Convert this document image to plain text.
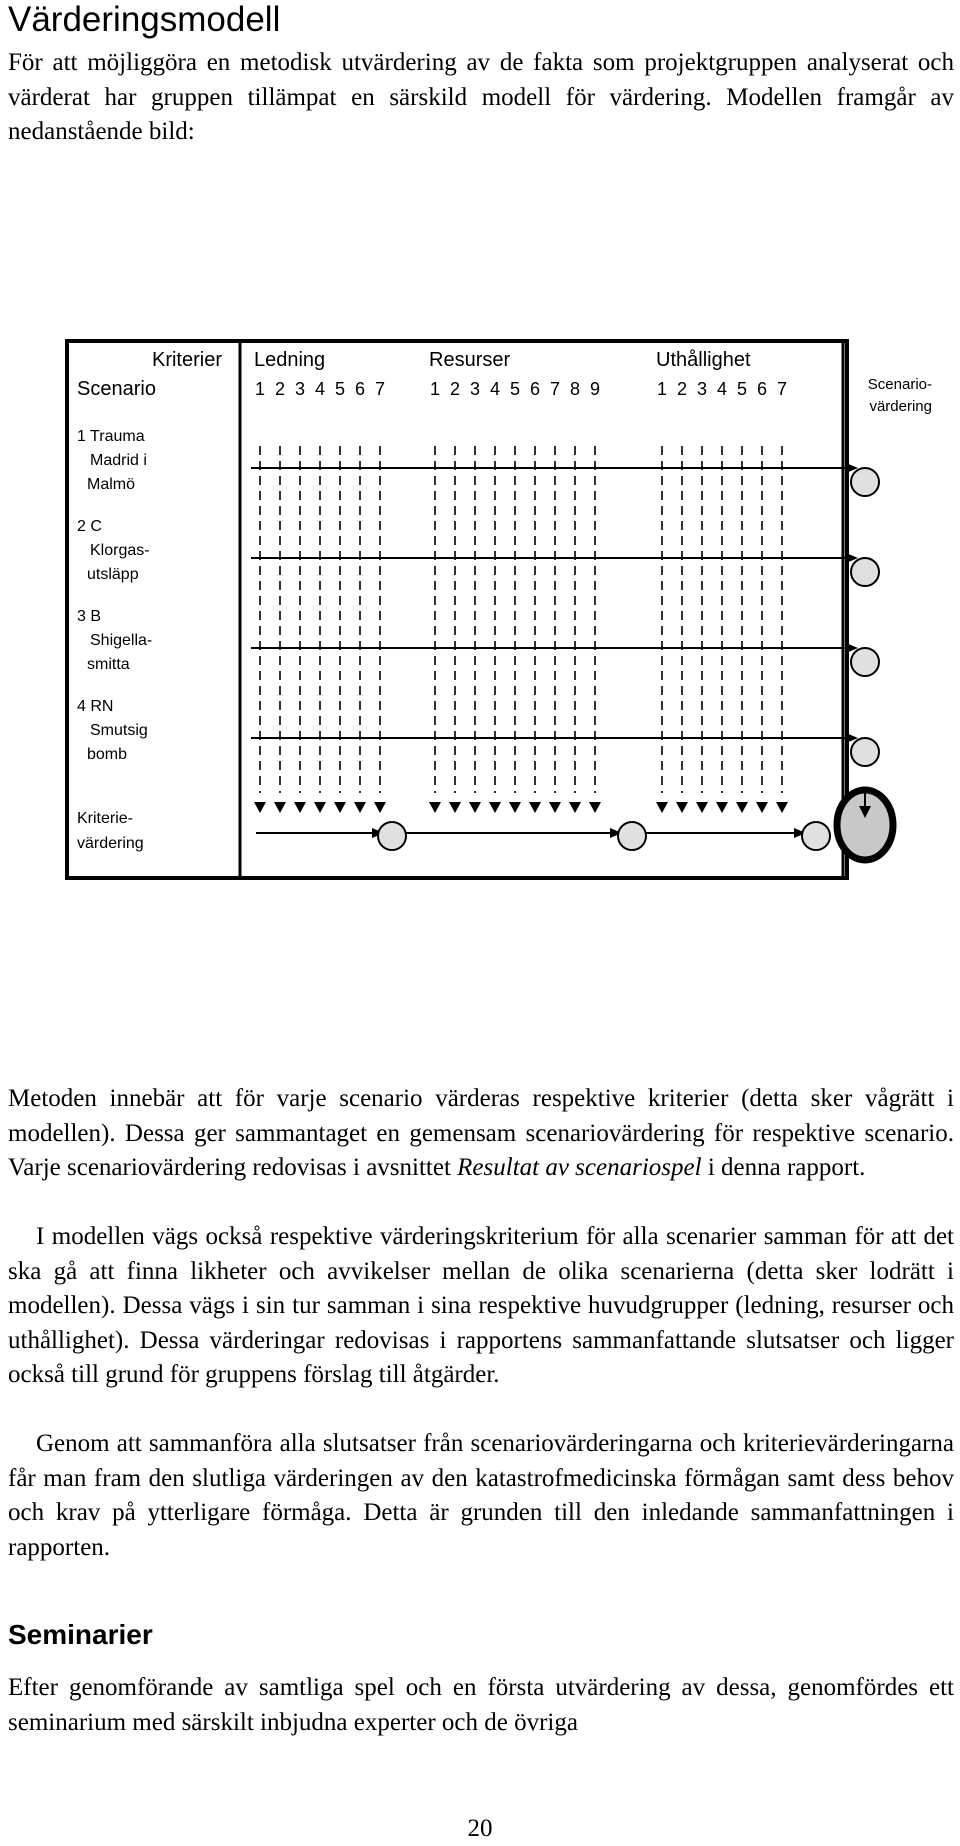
Värderingsmodell

För att möjliggöra en metodisk utvärdering av de fakta som projektgruppen analyserat och värderat har gruppen tillämpat en särskild modell för värdering. Modellen framgår av nedanstående bild:

Kriterier
Scenario
Ledning
1 2 3 4 5 6 7
Resurser
1 2 3 4 5 6 7 8 9
Uthållighet
1 2 3 4 5 6 7	Scenario-
värdering
1 Trauma
Madrid i
Malmö
2 C
Klorgas-
utsläpp
3 B
Shigella-
smitta
4 RN
Smutsig
bomb
Kriterie-
värdering

Metoden innebär att för varje scenario värderas respektive kriterier (detta sker vågrätt i modellen). Dessa ger sammantaget en gemensam scenariovärdering för respektive scenario. Varje scenariovärdering redovisas i avsnittet Resultat av scenariospel i denna rapport.

I modellen vägs också respektive värderingskriterium för alla scenarier samman för att det ska gå att finna likheter och avvikelser mellan de olika scenarierna (detta sker lodrätt i modellen). Dessa vägs i sin tur samman i sina respektive huvudgrupper (ledning, resurser och uthållighet). Dessa värderingar redovisas i rapportens sammanfattande slutsatser och ligger också till grund för gruppens förslag till åtgärder.

Genom att sammanföra alla slutsatser från scenariovärderingarna och kriterievärderingarna får man fram den slutliga värderingen av den katastrofmedicinska förmågan samt dess behov och krav på ytterligare förmåga. Detta är grunden till den inledande sammanfattningen i rapporten.

Seminarier

Efter genomförande av samtliga spel och en första utvärdering av dessa, genomfördes ett seminarium med särskilt inbjudna experter och de övriga

20
